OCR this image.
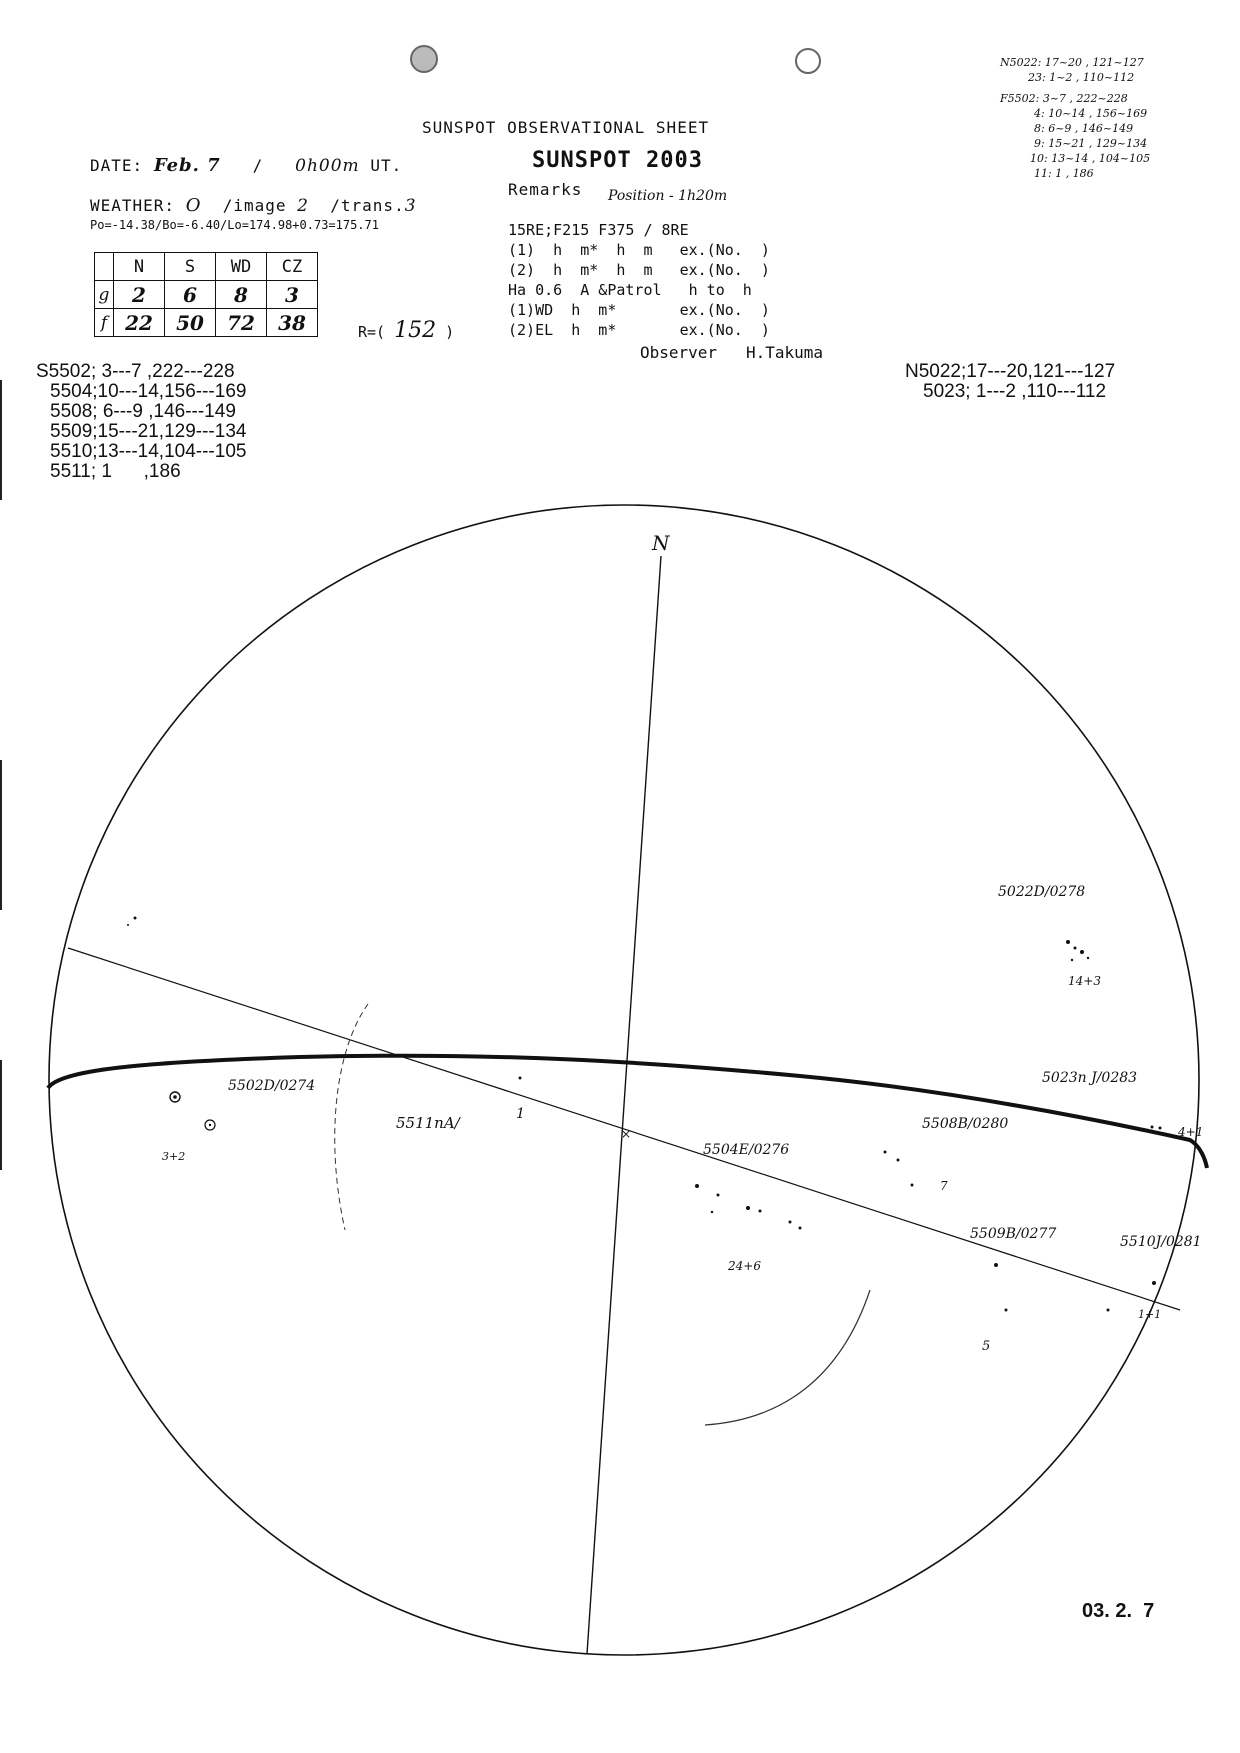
N5022: 17~20 , 121~127
23: 1~2 , 110~112
F5502: 3~7 , 222~228
4: 10~14 , 156~169
8: 6~9 , 146~149
9: 15~21 , 129~134
10: 13~14 , 104~105
11: 1 , 186
SUNSPOT OBSERVATIONAL SHEET
SUNSPOT 2003
DATE: Feb. 7 / 0h00m UT.
WEATHER: O /image 2 /trans.3
Po=-14.38/Bo=-6.40/Lo=174.98+0.73=175.71
	N	S	WD	CZ
g	2	6	8	3
f	22	50	72	38	R=( 152 )
Remarks Position - 1h20m
15RE;F215 F375 / 8RE
(1)  h  m*  h  m   ex.(No.  )
(2)  h  m*  h  m   ex.(No.  )
Ha 0.6  A &Patrol   h to  h
(1)WD  h  m*       ex.(No.  )
(2)EL  h  m*       ex.(No.  )
Observer H.Takuma
S5502; 3---7 ,222---228
5504;10---14,156---169
5508; 6---9 ,146---149
5509;15---21,129---134
5510;13---14,104---105
5511; 1      ,186
N5022;17---20,121---127
5023; 1---2 ,110---112
×
N
5022D/0278
14+3
5023n J/0283
4+1
5502D/0274
3+2
5511nA/	1
5508B/0280
7
5504E/0276
24+6
5509B/0277
5
5510J/0281
1+1
03. 2.  7
